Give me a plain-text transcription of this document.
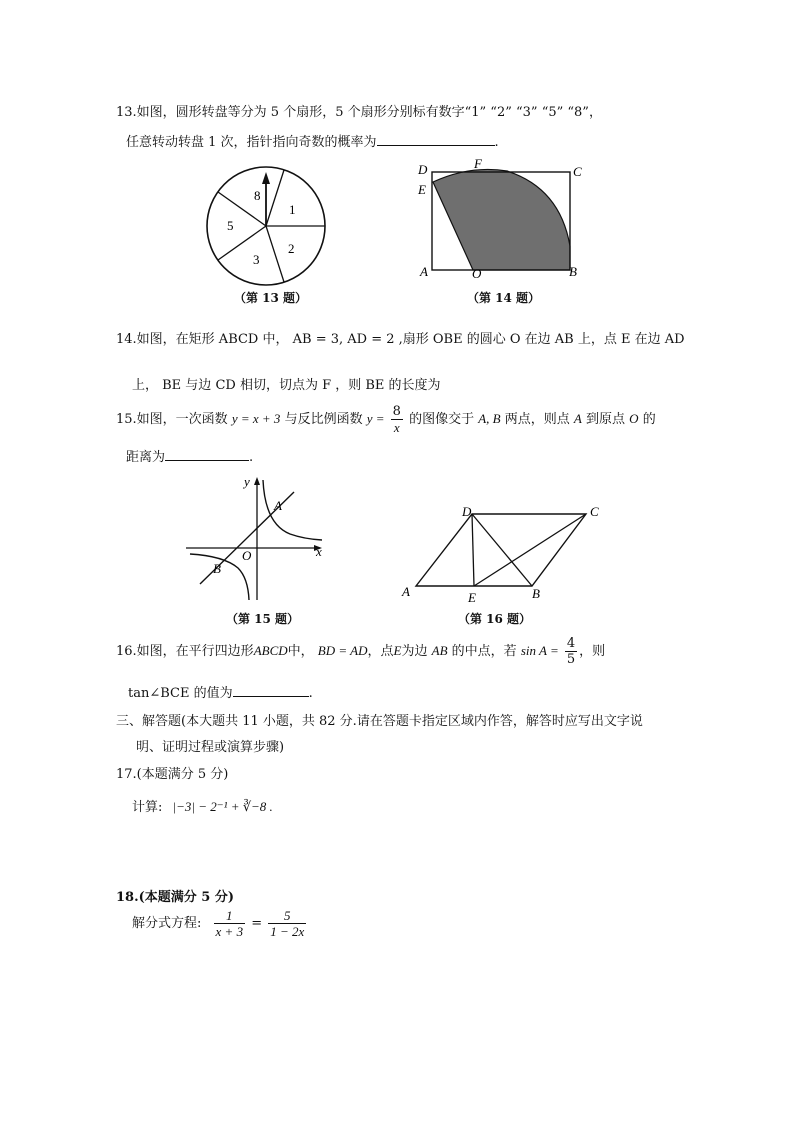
13.如图，圆形转盘等分为 5 个扇形，5 个扇形分别标有数字“1” “2” “3” “5” “8”，
任意转动转盘 1 次，指针指向奇数的概率为	.
8
1
2
3
5
（第 13 题）
D	F
C
E
A	O	B
（第 14 题）
14.如图，在矩形 ABCD 中， AB = 3, AD = 2 ,扇形 OBE 的圆心 O 在边 AB 上，点 E 在边 AD
上， BE 与边 CD 相切，切点为 F ，则 BE 的长度为
15.如图，一次函数 y = x + 3 与反比例函数 $y = \frac{8}{x}$ 的图像交于 A, B 两点，则点 A 到原点 O 的
距离为	.
y
A
O	x
B
（第 15 题）
D	C
A	E	B
（第 16 题）
16.如图，在平行四边形ABCD中， BD = AD，点E为边 AB 的中点，若 $\sin A = \frac{4}{5}$ ，则
tan∠BCE 的值为	.
三、解答题(本大题共 11 小题，共 82 分.请在答题卡指定区域内作答，解答时应写出文字说
明、证明过程或演算步骤)
17.(本题满分 5 分)
计算: |−3| − 2⁻¹ + ∛−8 .
18.(本题满分 5 分)
解分式方程: $\frac{1}{x + 3} = \frac{5}{1 - 2x}$
